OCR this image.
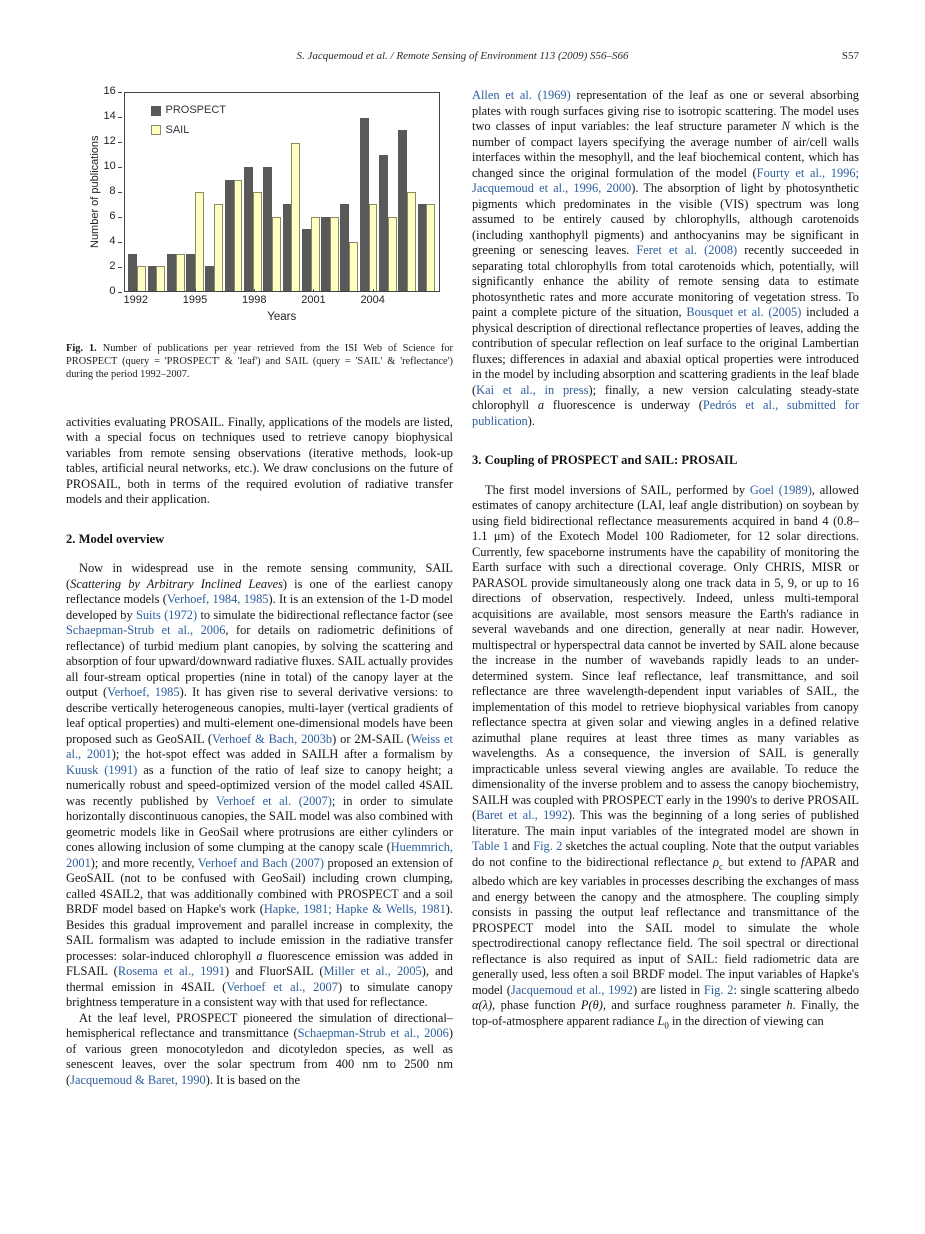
S. Jacquemoud et al. / Remote Sensing of Environment 113 (2009) S56–S66	S57
Number of publications
16
14
12
10
8
6
4
2
0
PROSPECT
SAIL
1992	1995	1998	2001	2004
Years
Fig. 1. Number of publications per year retrieved from the ISI Web of Science for PROSPECT (query = 'PROSPECT' & 'leaf') and SAIL (query = 'SAIL' & 'reflectance') during the period 1992–2007.

activities evaluating PROSAIL. Finally, applications of the models are listed, with a special focus on techniques used to retrieve canopy biophysical variables from remote sensing observations (iterative methods, look-up tables, artificial neural networks, etc.). We draw conclusions on the future of PROSAIL, both in terms of the required evolution of radiative transfer models and their application.

2. Model overview

Now in widespread use in the remote sensing community, SAIL (Scattering by Arbitrary Inclined Leaves) is one of the earliest canopy reflectance models (Verhoef, 1984, 1985). It is an extension of the 1-D model developed by Suits (1972) to simulate the bidirectional reflectance factor (see Schaepman-Strub et al., 2006, for details on radiometric definitions of reflectance) of turbid medium plant canopies, by solving the scattering and absorption of four upward/downward radiative fluxes. SAIL actually provides all four-stream optical properties (nine in total) of the canopy layer at the output (Verhoef, 1985). It has given rise to several derivative versions: to describe vertically heterogeneous canopies, multi-layer (vertical gradients of leaf optical properties) and multi-element one-dimensional models have been proposed such as GeoSAIL (Verhoef & Bach, 2003b) or 2M-SAIL (Weiss et al., 2001); the hot-spot effect was added in SAILH after a formalism by Kuusk (1991) as a function of the ratio of leaf size to canopy height; a numerically robust and speed-optimized version of the model called 4SAIL was recently published by Verhoef et al. (2007); in order to simulate horizontally discontinuous canopies, the SAIL model was also combined with geometric models like in GeoSail where protrusions are either cylinders or cones allowing inclusion of some clumping at the canopy scale (Huemmrich, 2001); and more recently, Verhoef and Bach (2007) proposed an extension of GeoSAIL (not to be confused with GeoSail) including crown clumping, called 4SAIL2, that was additionally combined with PROSPECT and a soil BRDF model based on Hapke's work (Hapke, 1981; Hapke & Wells, 1981). Besides this gradual improvement and parallel increase in complexity, the SAIL formalism was adapted to include emission in the radiative transfer processes: solar-induced chlorophyll a fluorescence emission was added in FLSAIL (Rosema et al., 1991) and FluorSAIL (Miller et al., 2005), and thermal emission in 4SAIL (Verhoef et al., 2007) to simulate canopy brightness temperature in a consistent way with that used for reflectance.

At the leaf level, PROSPECT pioneered the simulation of directional–hemispherical reflectance and transmittance (Schaepman-Strub et al., 2006) of various green monocotyledon and dicotyledon species, as well as senescent leaves, over the solar spectrum from 400 nm to 2500 nm (Jacquemoud & Baret, 1990). It is based on the

Allen et al. (1969) representation of the leaf as one or several absorbing plates with rough surfaces giving rise to isotropic scattering. The model uses two classes of input variables: the leaf structure parameter N which is the number of compact layers specifying the average number of air/cell walls interfaces within the mesophyll, and the leaf biochemical content, which has changed since the original formulation of the model (Fourty et al., 1996; Jacquemoud et al., 1996, 2000). The absorption of light by photosynthetic pigments which predominates in the visible (VIS) spectrum was long assumed to be entirely caused by chlorophylls, although carotenoids (including xanthophyll pigments) and anthocyanins may be significant in greening or senescing leaves. Feret et al. (2008) recently succeeded in separating total chlorophylls from total carotenoids which, potentially, will significantly enhance the ability of remote sensing data to estimate photosynthetic rates and more accurate monitoring of vegetation stress. To paint a complete picture of the situation, Bousquet et al. (2005) included a physical description of directional reflectance properties of leaves, adding the contribution of specular reflection on leaf surface to the original Lambertian fluxes; differences in adaxial and abaxial optical properties were introduced in the model by including absorption and scattering gradients in the leaf blade (Kai et al., in press); finally, a new version calculating steady-state chlorophyll a fluorescence is underway (Pedrós et al., submitted for publication).

3. Coupling of PROSPECT and SAIL: PROSAIL

The first model inversions of SAIL, performed by Goel (1989), allowed estimates of canopy architecture (LAI, leaf angle distribution) on soybean by using field bidirectional reflectance measurements acquired in band 4 (0.8–1.1 μm) of the Exotech Model 100 Radiometer, for 12 solar directions. Currently, few spaceborne instruments have the capability of monitoring the Earth surface with such a directional coverage. Only CHRIS, MISR or PARASOL provide simultaneously along one track data in 5, 9, or up to 16 directions of observation, respectively. Indeed, unless multi-temporal acquisitions are available, most sensors measure the Earth's radiance in several wavebands and one direction, generally at near nadir. However, multispectral or hyperspectral data cannot be inverted by SAIL alone because the increase in the number of wavebands rapidly leads to an under-determined system. Since leaf reflectance, leaf transmittance, and soil reflectance are three wavelength-dependent input variables of SAIL, the implementation of this model to retrieve biophysical variables from canopy reflectance spectra at given solar and viewing angles in a defined relative azimuthal plane requires at least three times as many variables as wavelengths. As a consequence, the inversion of SAIL is generally impracticable unless several viewing angles are available. To reduce the dimensionality of the inverse problem and to assess the canopy biochemistry, SAILH was coupled with PROSPECT early in the 1990's to derive PROSAIL (Baret et al., 1992). This was the beginning of a long series of published literature. The main input variables of the integrated model are shown in Table 1 and Fig. 2 sketches the actual coupling. Note that the output variables do not confine to the bidirectional reflectance $\rho_c$ but extend to fAPAR and albedo which are key variables in processes describing the exchanges of mass and energy between the canopy and the atmosphere. The coupling simply consists in passing the output leaf reflectance and transmittance of the PROSPECT model into the SAIL model to simulate the whole spectrodirectional canopy reflectance field. The soil spectral or directional reflectance is also required as input of SAIL: field radiometric data are generally used, less often a soil BRDF model. The input variables of Hapke's model (Jacquemoud et al., 1992) are listed in Fig. 2: single scattering albedo α(λ), phase function P(θ), and surface roughness parameter h. Finally, the top-of-atmosphere apparent radiance $L_0$ in the direction of viewing can
